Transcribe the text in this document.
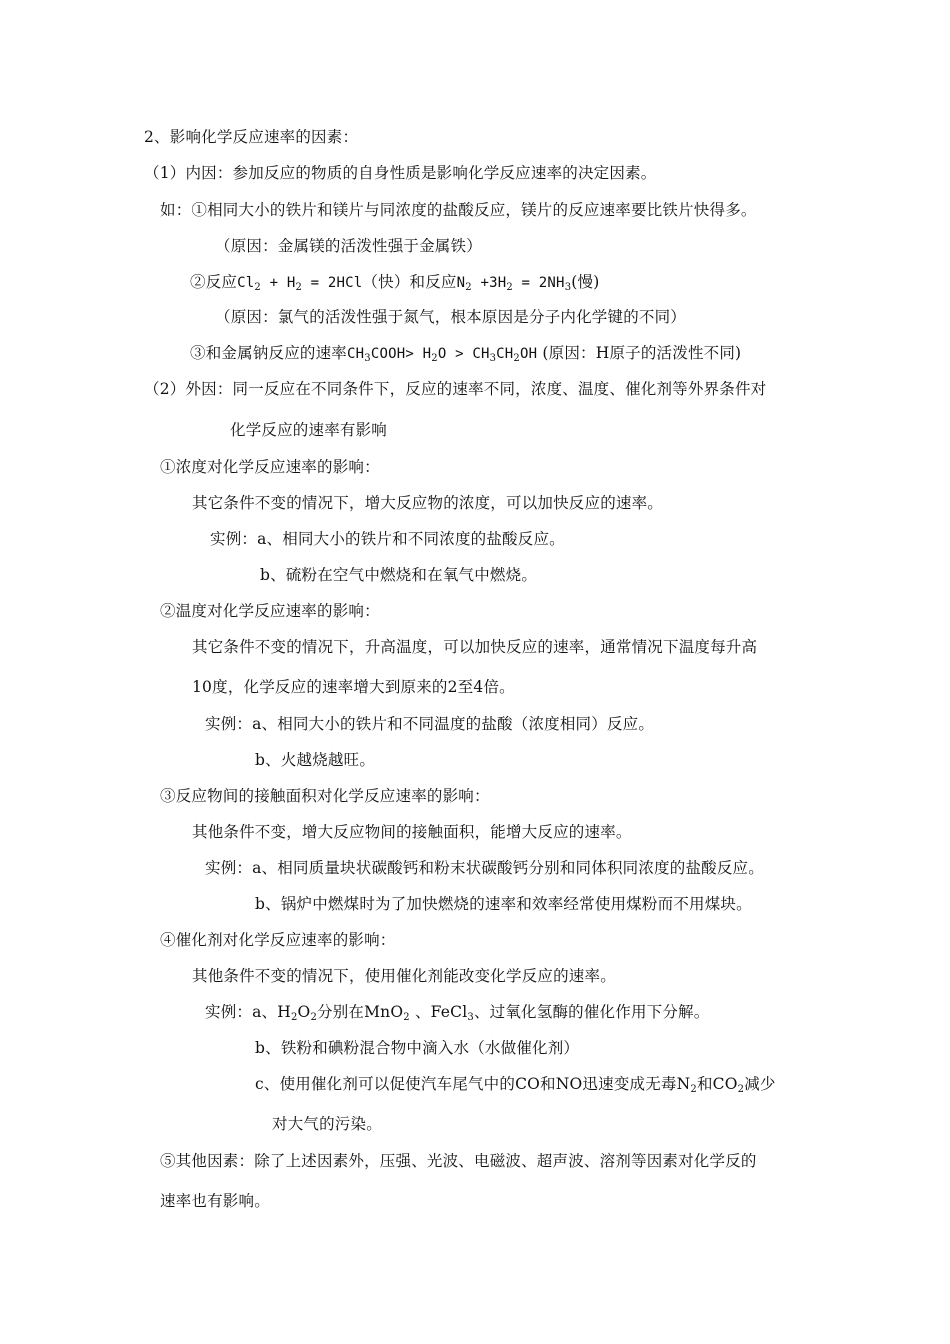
2、影响化学反应速率的因素：
（1）内因：参加反应的物质的自身性质是影响化学反应速率的决定因素。
如：①相同大小的铁片和镁片与同浓度的盐酸反应，镁片的反应速率要比铁片快得多。
（原因：金属镁的活泼性强于金属铁）
②反应$Cl_2 + H_2 = 2HCl$（快）和反应$N_2 +3H_2 = 2NH_3$(慢)
（原因：氯气的活泼性强于氮气，根本原因是分子内化学键的不同）
③和金属钠反应的速率$CH_3COOH> H_2O > CH_3CH_2OH$ (原因：H原子的活泼性不同)
（2）外因：同一反应在不同条件下，反应的速率不同，浓度、温度、催化剂等外界条件对
化学反应的速率有影响
①浓度对化学反应速率的影响：
其它条件不变的情况下，增大反应物的浓度，可以加快反应的速率。
实例：a、相同大小的铁片和不同浓度的盐酸反应。
b、硫粉在空气中燃烧和在氧气中燃烧。
②温度对化学反应速率的影响：
其它条件不变的情况下，升高温度，可以加快反应的速率，通常情况下温度每升高
10度，化学反应的速率增大到原来的2至4倍。
实例：a、相同大小的铁片和不同温度的盐酸（浓度相同）反应。
b、火越烧越旺。
③反应物间的接触面积对化学反应速率的影响：
其他条件不变，增大反应物间的接触面积，能增大反应的速率。
实例：a、相同质量块状碳酸钙和粉末状碳酸钙分别和同体积同浓度的盐酸反应。
b、锅炉中燃煤时为了加快燃烧的速率和效率经常使用煤粉而不用煤块。
④催化剂对化学反应速率的影响：
其他条件不变的情况下，使用催化剂能改变化学反应的速率。
实例：a、$H_2O_2$分别在MnO$_2$ 、FeCl$_3$、过氧化氢酶的催化作用下分解。
b、铁粉和碘粉混合物中滴入水（水做催化剂）
c、使用催化剂可以促使汽车尾气中的CO和NO迅速变成无毒$N_2$和$CO_2$减少
对大气的污染。
⑤其他因素：除了上述因素外，压强、光波、电磁波、超声波、溶剂等因素对化学反的
速率也有影响。
